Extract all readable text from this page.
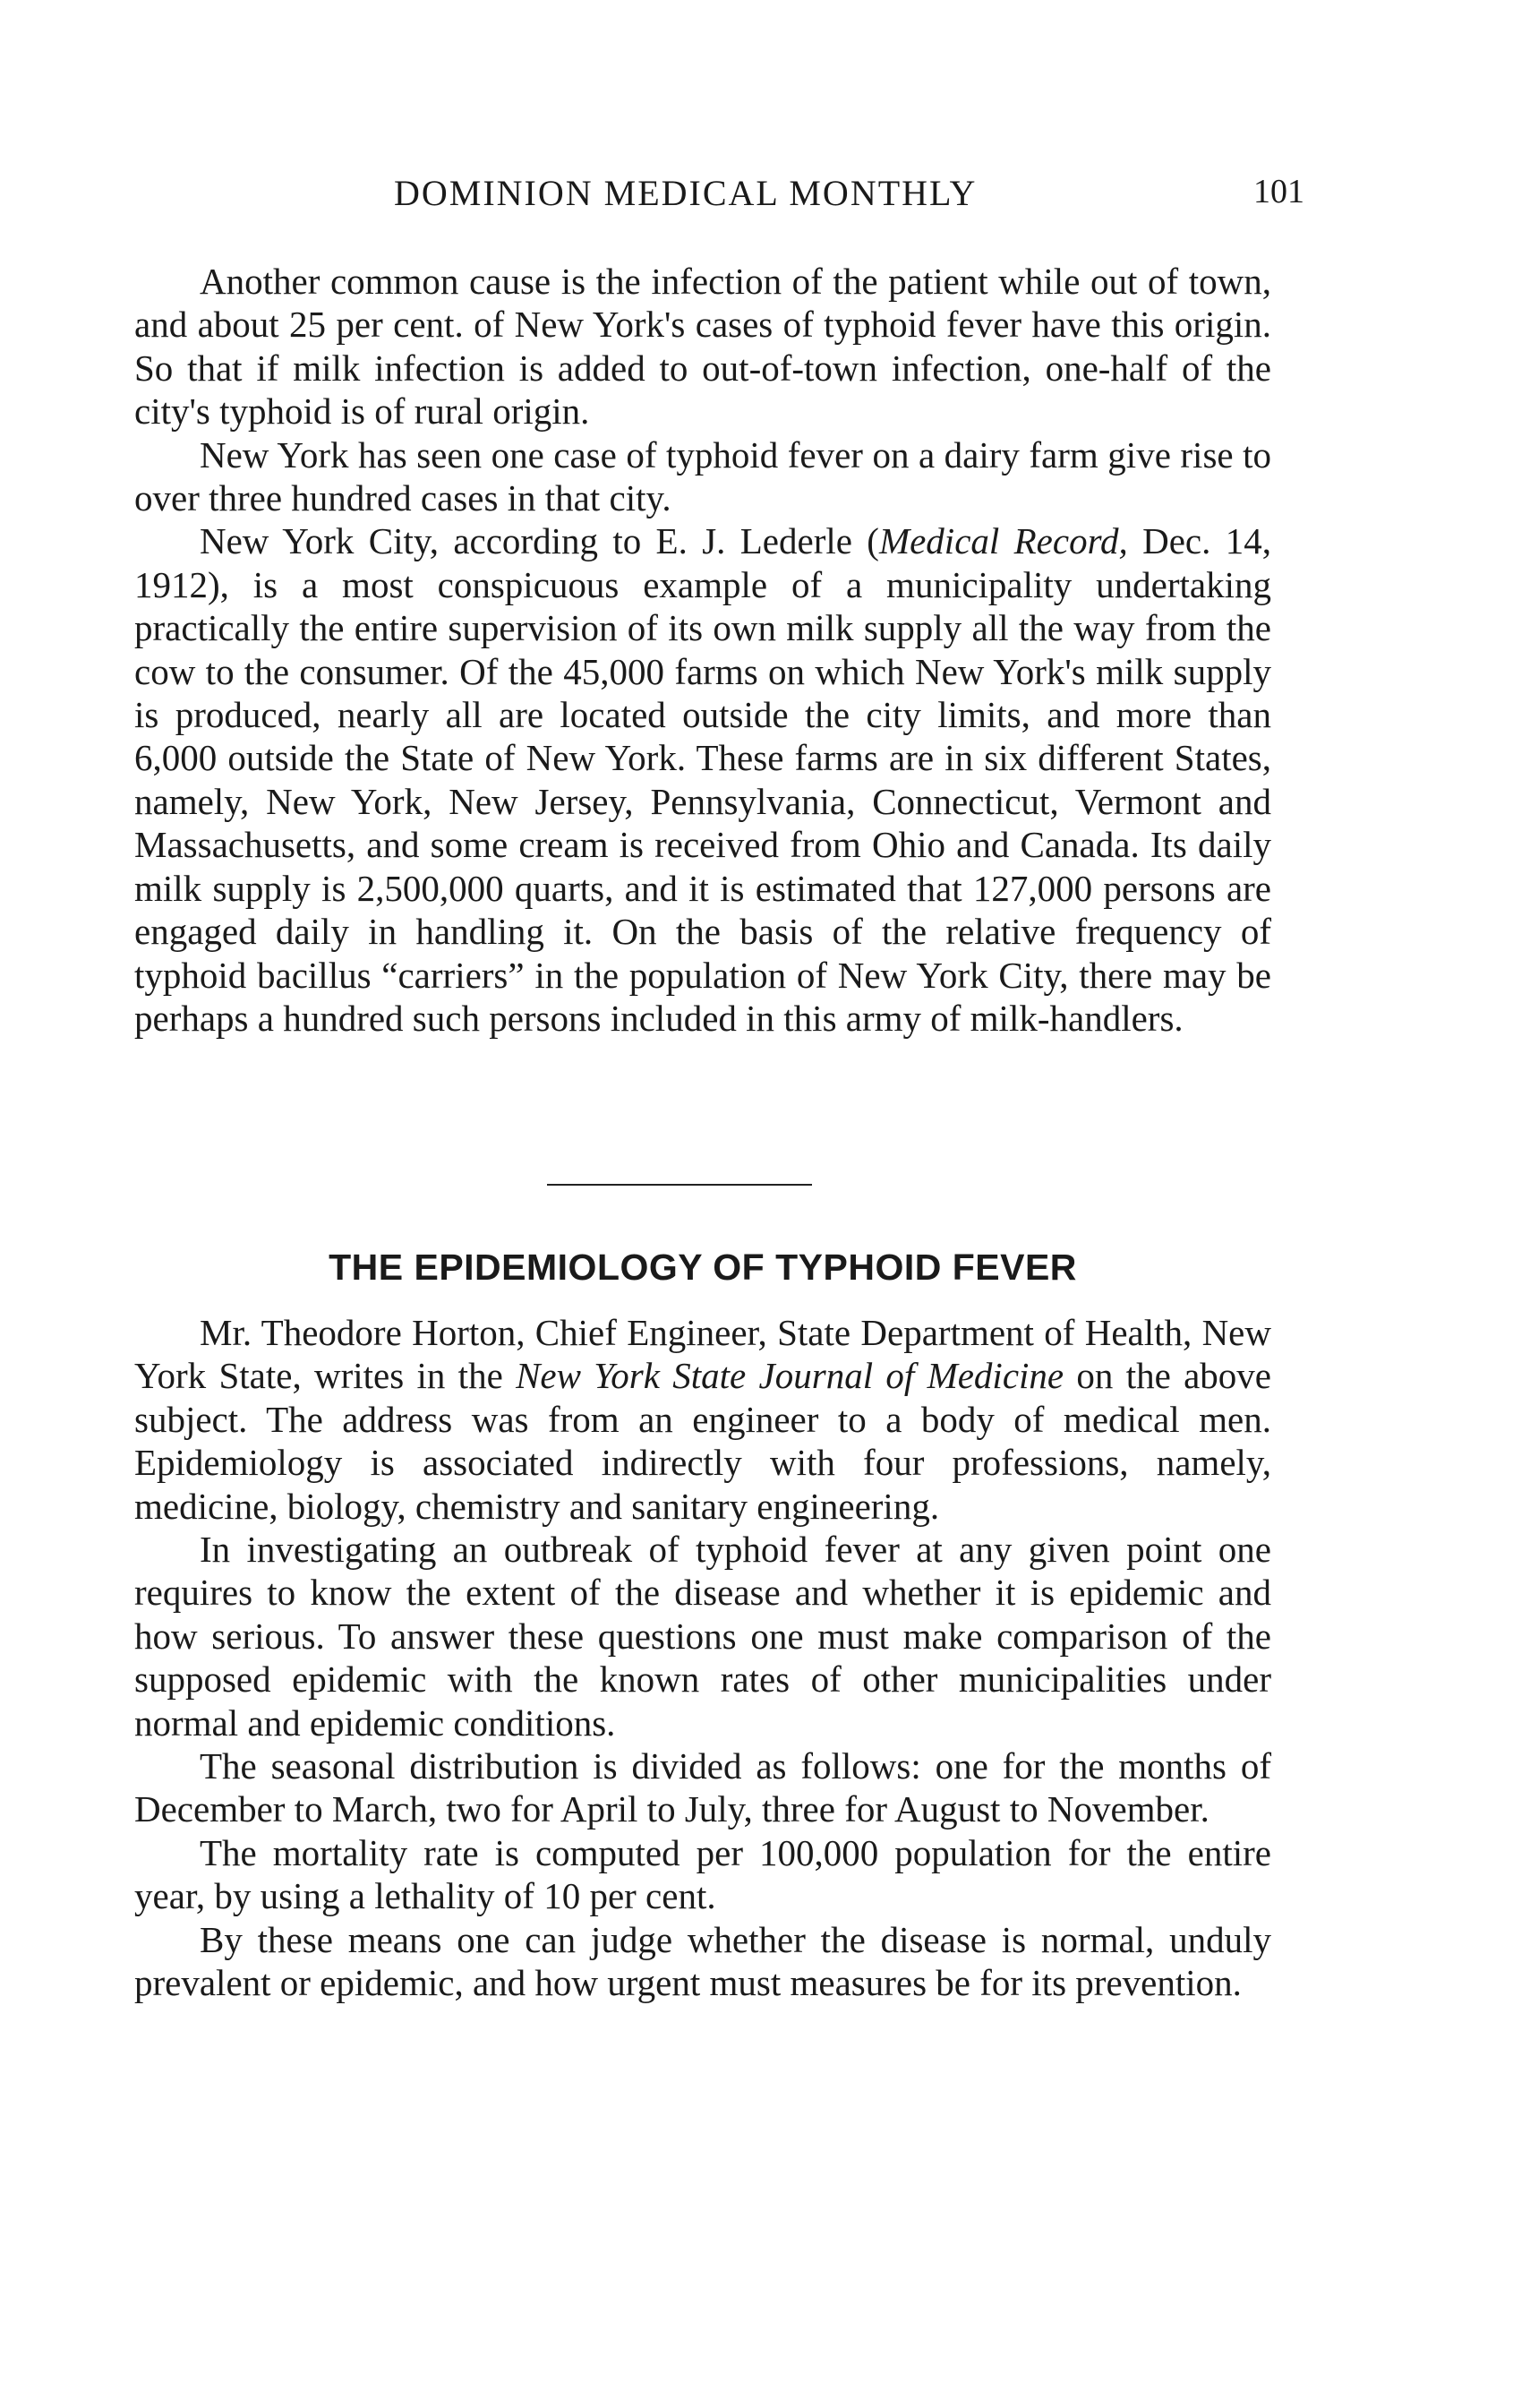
DOMINION MEDICAL MONTHLY	101

Another common cause is the infection of the patient while out of town, and about 25 per cent. of New York's cases of typhoid fever have this origin. So that if milk infection is added to out-of-town infection, one-half of the city's typhoid is of rural origin.

New York has seen one case of typhoid fever on a dairy farm give rise to over three hundred cases in that city.

New York City, according to E. J. Lederle (Medical Record, Dec. 14, 1912), is a most conspicuous example of a municipality undertaking practically the entire supervision of its own milk supply all the way from the cow to the consumer. Of the 45,000 farms on which New York's milk supply is produced, nearly all are located outside the city limits, and more than 6,000 outside the State of New York. These farms are in six different States, namely, New York, New Jersey, Pennsylvania, Connecticut, Vermont and Massachusetts, and some cream is received from Ohio and Canada. Its daily milk supply is 2,500,000 quarts, and it is estimated that 127,000 persons are engaged daily in handling it. On the basis of the relative frequency of typhoid bacillus “carriers” in the population of New York City, there may be perhaps a hundred such persons included in this army of milk-handlers.

THE EPIDEMIOLOGY OF TYPHOID FEVER

Mr. Theodore Horton, Chief Engineer, State Department of Health, New York State, writes in the New York State Journal of Medicine on the above subject. The address was from an engineer to a body of medical men. Epidemiology is associated indirectly with four professions, namely, medicine, biology, chemistry and sanitary engineering.

In investigating an outbreak of typhoid fever at any given point one requires to know the extent of the disease and whether it is epidemic and how serious. To answer these questions one must make comparison of the supposed epidemic with the known rates of other municipalities under normal and epidemic conditions.

The seasonal distribution is divided as follows: one for the months of December to March, two for April to July, three for August to November.

The mortality rate is computed per 100,000 population for the entire year, by using a lethality of 10 per cent.

By these means one can judge whether the disease is normal, unduly prevalent or epidemic, and how urgent must measures be for its prevention.
